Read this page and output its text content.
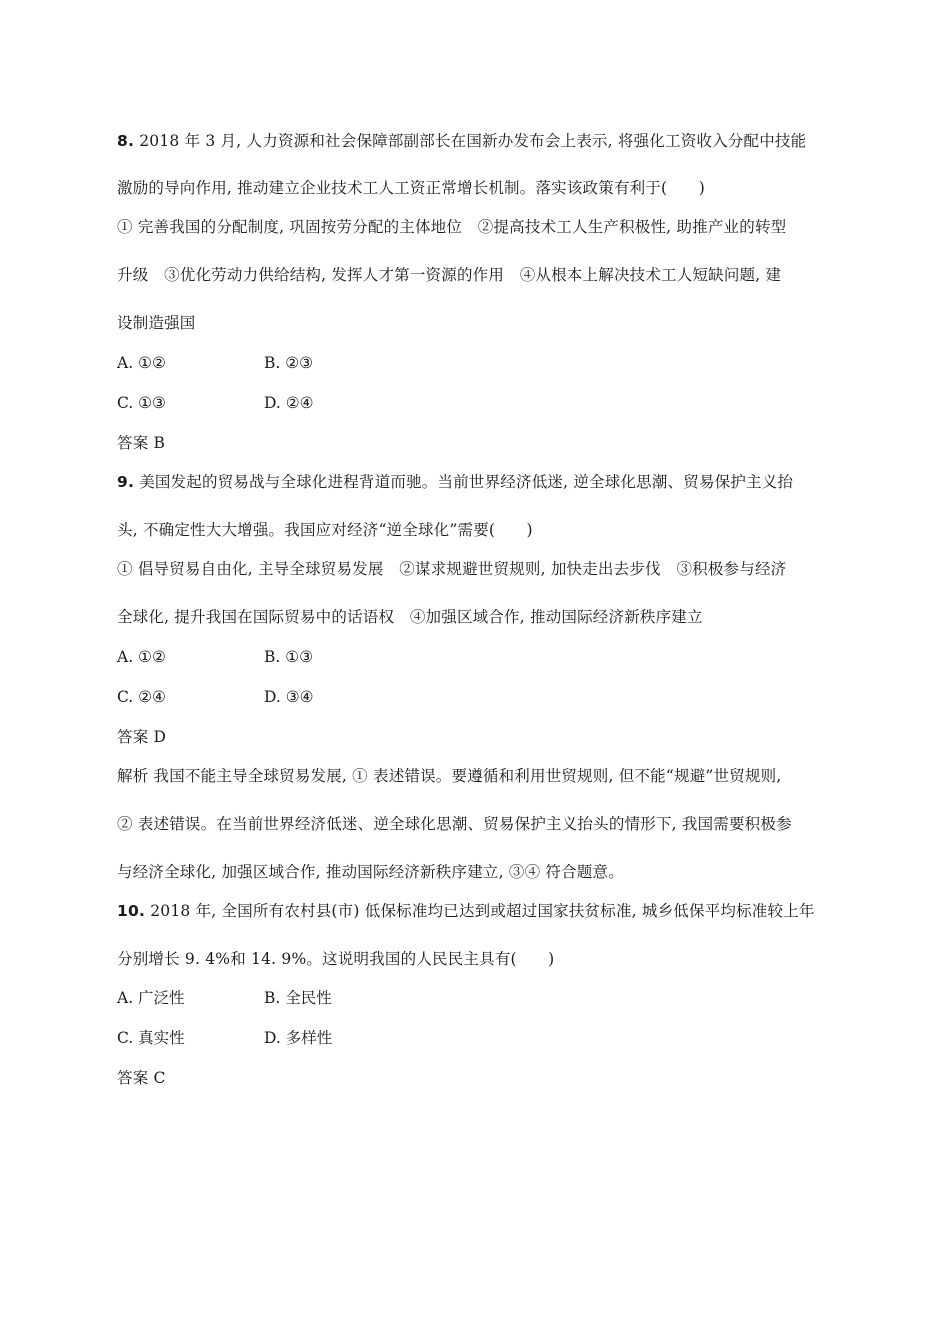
8. 2018 年 3 月, 人力资源和社会保障部副部长在国新办发布会上表示, 将强化工资收入分配中技能
激励的导向作用, 推动建立企业技术工人工资正常增长机制。落实该政策有利于(　　)
① 完善我国的分配制度, 巩固按劳分配的主体地位　②提高技术工人生产积极性, 助推产业的转型
升级　③优化劳动力供给结构, 发挥人才第一资源的作用　④从根本上解决技术工人短缺问题, 建
设制造强国
A. ①②	B. ②③
C. ①③	D. ②④
答案 B
9. 美国发起的贸易战与全球化进程背道而驰。当前世界经济低迷, 逆全球化思潮、贸易保护主义抬
头, 不确定性大大增强。我国应对经济“逆全球化”需要(　　)
① 倡导贸易自由化, 主导全球贸易发展　②谋求规避世贸规则, 加快走出去步伐　③积极参与经济
全球化, 提升我国在国际贸易中的话语权　④加强区域合作, 推动国际经济新秩序建立
A. ①②	B. ①③
C. ②④	D. ③④
答案 D
解析 我国不能主导全球贸易发展, ① 表述错误。要遵循和利用世贸规则, 但不能“规避”世贸规则,
② 表述错误。在当前世界经济低迷、逆全球化思潮、贸易保护主义抬头的情形下, 我国需要积极参
与经济全球化, 加强区域合作, 推动国际经济新秩序建立, ③④ 符合题意。
10. 2018 年, 全国所有农村县(市) 低保标准均已达到或超过国家扶贫标准, 城乡低保平均标准较上年
分别增长 9. 4%和 14. 9%。这说明我国的人民民主具有(　　)
A. 广泛性	B. 全民性
C. 真实性	D. 多样性
答案 C
